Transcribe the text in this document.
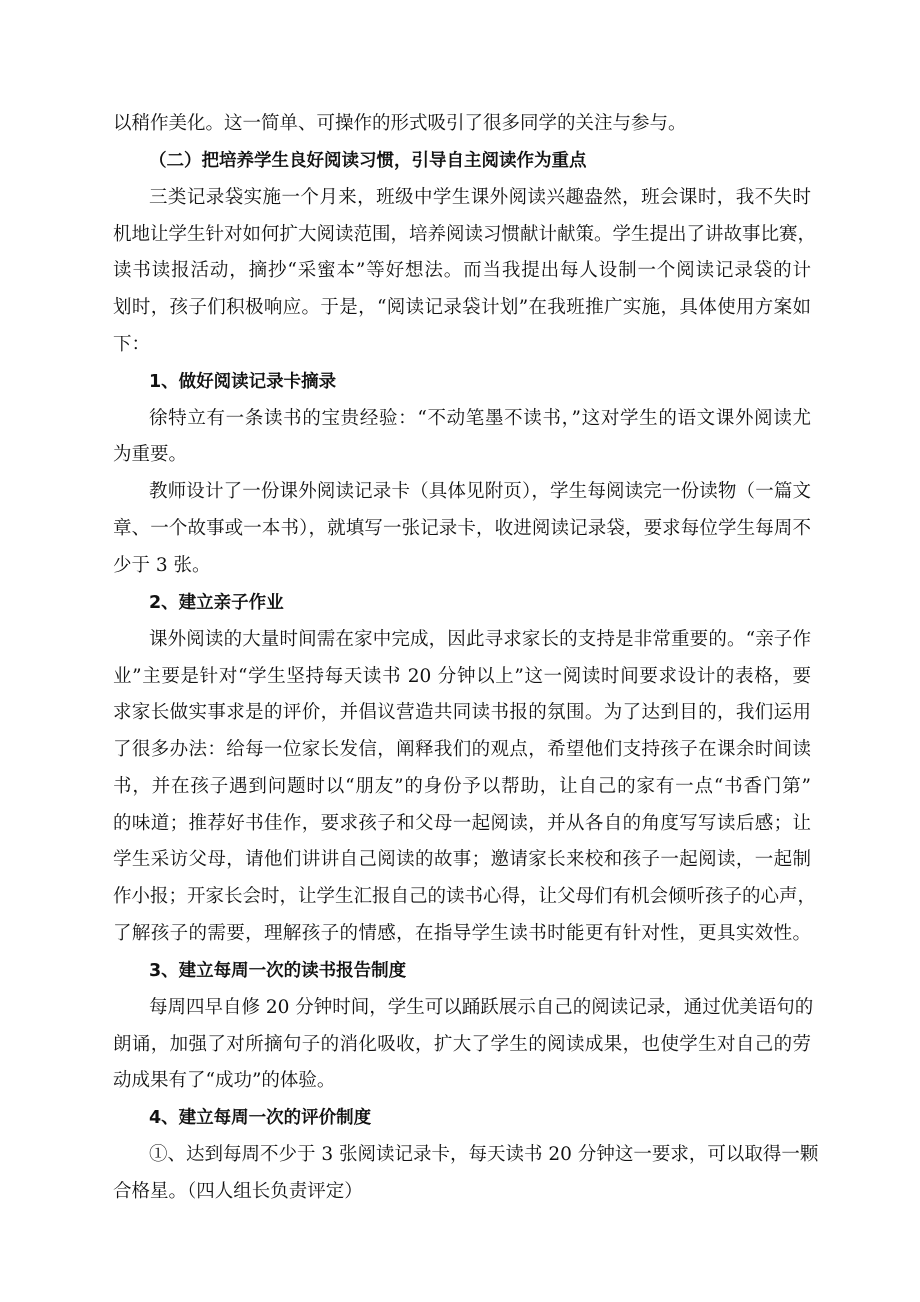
以稍作美化。这一简单、可操作的形式吸引了很多同学的关注与参与。

（二）把培养学生良好阅读习惯，引导自主阅读作为重点

三类记录袋实施一个月来，班级中学生课外阅读兴趣盎然，班会课时，我不失时

机地让学生针对如何扩大阅读范围，培养阅读习惯献计献策。学生提出了讲故事比赛，

读书读报活动，摘抄“采蜜本”等好想法。而当我提出每人设制一个阅读记录袋的计

划时，孩子们积极响应。于是，“阅读记录袋计划”在我班推广实施，具体使用方案如

下：

1、做好阅读记录卡摘录

徐特立有一条读书的宝贵经验：“不动笔墨不读书，”这对学生的语文课外阅读尤

为重要。

教师设计了一份课外阅读记录卡（具体见附页），学生每阅读完一份读物（一篇文

章、一个故事或一本书），就填写一张记录卡，收进阅读记录袋，要求每位学生每周不

少于 3 张。

2、建立亲子作业

课外阅读的大量时间需在家中完成，因此寻求家长的支持是非常重要的。“亲子作

业”主要是针对“学生坚持每天读书 20 分钟以上”这一阅读时间要求设计的表格，要

求家长做实事求是的评价，并倡议营造共同读书报的氛围。为了达到目的，我们运用

了很多办法：给每一位家长发信，阐释我们的观点，希望他们支持孩子在课余时间读

书，并在孩子遇到问题时以“朋友”的身份予以帮助，让自己的家有一点“书香门第”

的味道；推荐好书佳作，要求孩子和父母一起阅读，并从各自的角度写写读后感；让

学生采访父母，请他们讲讲自己阅读的故事；邀请家长来校和孩子一起阅读，一起制

作小报；开家长会时，让学生汇报自己的读书心得，让父母们有机会倾听孩子的心声，

了解孩子的需要，理解孩子的情感，在指导学生读书时能更有针对性，更具实效性。

3、建立每周一次的读书报告制度

每周四早自修 20 分钟时间，学生可以踊跃展示自己的阅读记录，通过优美语句的

朗诵，加强了对所摘句子的消化吸收，扩大了学生的阅读成果，也使学生对自己的劳

动成果有了“成功”的体验。

4、建立每周一次的评价制度

①、达到每周不少于 3 张阅读记录卡，每天读书 20 分钟这一要求，可以取得一颗

合格星。（四人组长负责评定）
